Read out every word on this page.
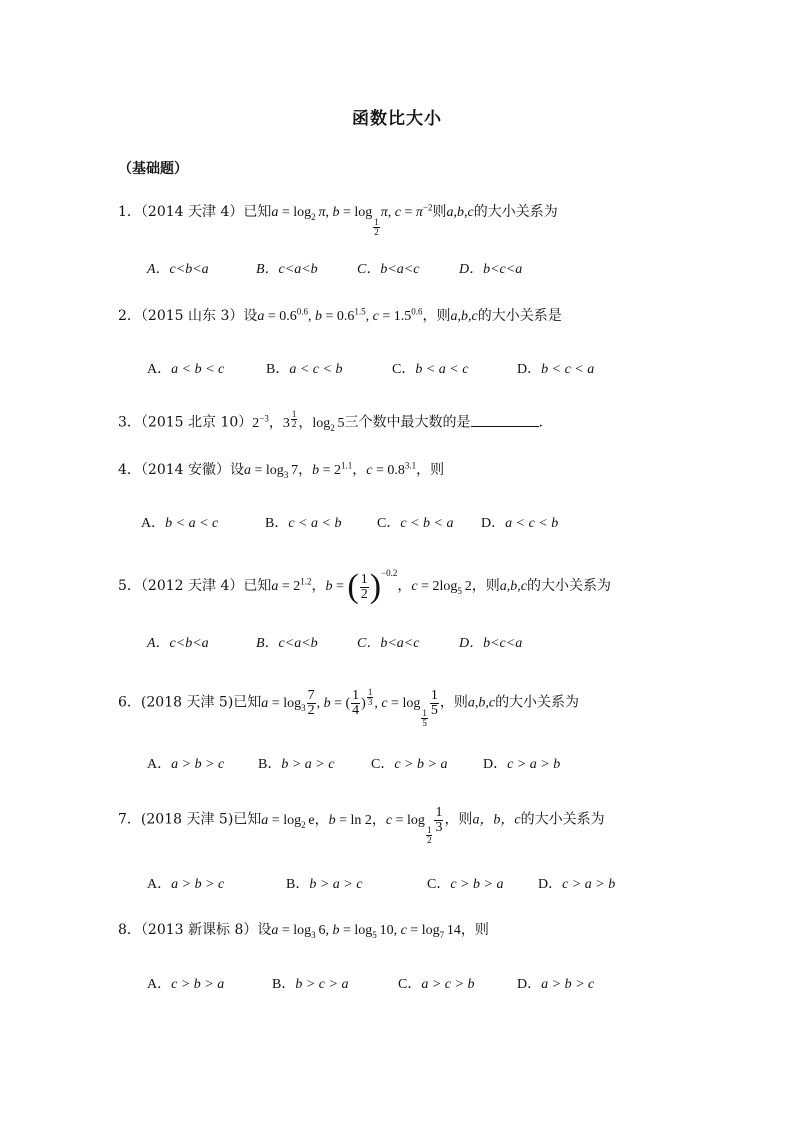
函数比大小
（基础题）
1．（2014 天津 4）已知$a = \log_2 \pi$, b = log
$\frac{1}{2}$
π, $c = \pi^{-2}$则a,b,c的大小关系为
A．c<b<a	B．c<a<b	C．b<a<c	D．b<c<a
2．（2015 山东 3）设$a = 0.6^{0.6}$, $b = 0.6^{1.5}$, $c = 1.5^{0.6}$，则a,b,c的大小关系是
A．a < b < c	B．a < c < b	C．b < a < c	D．b < c < a
3．（2015 北京 $10)2^{-3}$，3 $^{\frac{1}{2}}$ ，$\log_2 5$三个数中最大数的是	.
4．（2014 安徽）设$a = \log_3 7$，$b = 2^{1.1}$，$c = 0.8^{3.1}$，则
A．b < a < c	B．c < a < b	C．c < b < a D．a < c < b
5．（2012 天津 4）已知$a = 2^{1.2}$，b = ( $\frac{1}{2} )^{-0.2}$，$c = 2\log_5$ 2，则a,b,c的大小关系为
A．c<b<a	B．c<a<b	C．b<a<c	D．b<c<a
6．(2018 天津 5)已知$a = \log_3 \frac{7}{2}$ , b = ( $\frac{1}{4}$ ) $^{\frac{1}{3}}$ , c = log
$\frac{1}{5}$
$\frac{1}{5}$ ，则a,b,c的大小关系为
A．a > b > c B．b > a > c	C．c > b > a	D．c > a > b
7．(2018 天津 5)已知$a = \log_2 e$，b = ln 2，c = log
$\frac{1}{2}$
$\frac{1}{3}$ ，则a，b，c的大小关系为
A．a > b > c	B．b > a > c	C．c > b > a D．c > a > b
8．（2013 新课标 8）设$a = \log_3 6$, $b = \log_5 10$, $c = \log_7 14$，则
A．c > b > a	B．b > c > a	C．a > c > b	D．a > b > c
